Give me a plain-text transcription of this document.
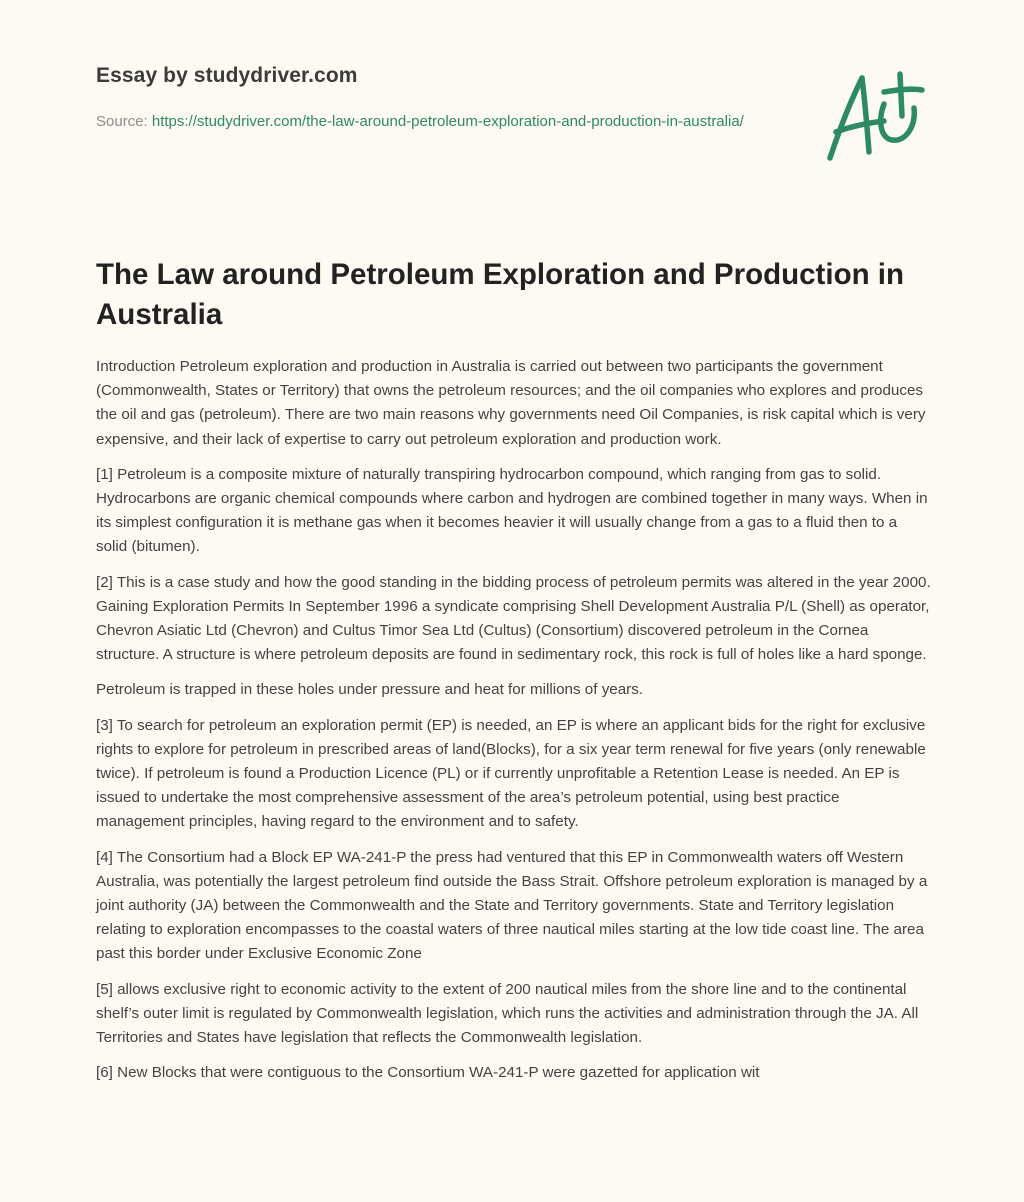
Essay by studydriver.com
Source: https://studydriver.com/the-law-around-petroleum-exploration-and-production-in-australia/
The Law around Petroleum Exploration and Production in Australia

Introduction Petroleum exploration and production in Australia is carried out between two participants the government (Commonwealth, States or Territory) that owns the petroleum resources; and the oil companies who explores and produces the oil and gas (petroleum). There are two main reasons why governments need Oil Companies, is risk capital which is very expensive, and their lack of expertise to carry out petroleum exploration and production work.

[1] Petroleum is a composite mixture of naturally transpiring hydrocarbon compound, which ranging from gas to solid. Hydrocarbons are organic chemical compounds where carbon and hydrogen are combined together in many ways. When in its simplest configuration it is methane gas when it becomes heavier it will usually change from a gas to a fluid then to a solid (bitumen).

[2] This is a case study and how the good standing in the bidding process of petroleum permits was altered in the year 2000. Gaining Exploration Permits In September 1996 a syndicate comprising Shell Development Australia P/L (Shell) as operator, Chevron Asiatic Ltd (Chevron) and Cultus Timor Sea Ltd (Cultus) (Consortium) discovered petroleum in the Cornea structure. A structure is where petroleum deposits are found in sedimentary rock, this rock is full of holes like a hard sponge.

Petroleum is trapped in these holes under pressure and heat for millions of years.

[3] To search for petroleum an exploration permit (EP) is needed, an EP is where an applicant bids for the right for exclusive rights to explore for petroleum in prescribed areas of land(Blocks), for a six year term renewal for five years (only renewable twice). If petroleum is found a Production Licence (PL) or if currently unprofitable a Retention Lease is needed. An EP is issued to undertake the most comprehensive assessment of the area’s petroleum potential, using best practice management principles, having regard to the environment and to safety.

[4] The Consortium had a Block EP WA-241-P the press had ventured that this EP in Commonwealth waters off Western Australia, was potentially the largest petroleum find outside the Bass Strait. Offshore petroleum exploration is managed by a joint authority (JA) between the Commonwealth and the State and Territory governments. State and Territory legislation relating to exploration encompasses to the coastal waters of three nautical miles starting at the low tide coast line. The area past this border under Exclusive Economic Zone

[5] allows exclusive right to economic activity to the extent of 200 nautical miles from the shore line and to the continental shelf’s outer limit is regulated by Commonwealth legislation, which runs the activities and administration through the JA. All Territories and States have legislation that reflects the Commonwealth legislation.

[6] New Blocks that were contiguous to the Consortium WA-241-P were gazetted for application wit
